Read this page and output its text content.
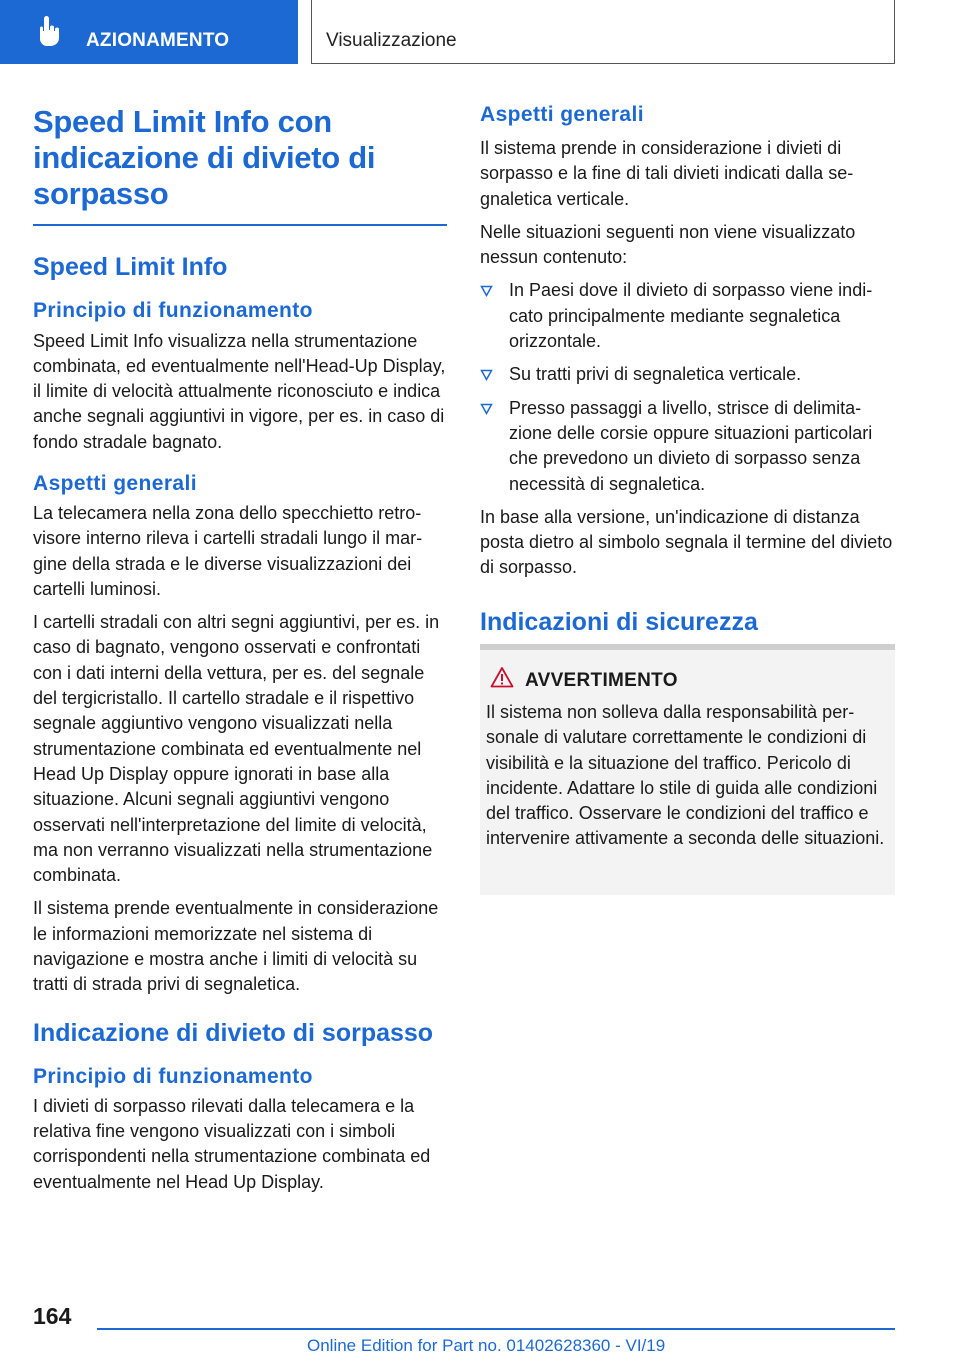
AZIONAMENTO	Visualizzazione
Speed Limit Info con indicazione di divieto di sorpasso
Speed Limit Info
Principio di funzionamento

Speed Limit Info visualizza nella strumentazione combinata, ed eventualmente nell'Head-Up Display, il limite di velocità attualmente riconosciuto e indica anche segnali aggiuntivi in vigore, per es. in caso di fondo stradale bagnato.

Aspetti generali

La telecamera nella zona dello specchietto retrovisore interno rileva i cartelli stradali lungo il margine della strada e le diverse visualizzazioni dei cartelli luminosi.

I cartelli stradali con altri segni aggiuntivi, per es. in caso di bagnato, vengono osservati e confrontati con i dati interni della vettura, per es. del segnale del tergicristallo. Il cartello stradale e il rispettivo segnale aggiuntivo vengono visualizzati nella strumentazione combinata ed eventualmente nel Head Up Display oppure ignorati in base alla situazione. Alcuni segnali aggiuntivi vengono osservati nell'interpretazione del limite di velocità, ma non verranno visualizzati nella strumentazione combinata.

Il sistema prende eventualmente in considerazione le informazioni memorizzate nel sistema di navigazione e mostra anche i limiti di velocità su tratti di strada privi di segnaletica.

Indicazione di divieto di sorpasso
Principio di funzionamento

I divieti di sorpasso rilevati dalla telecamera e la relativa fine vengono visualizzati con i simboli corrispondenti nella strumentazione combinata ed eventualmente nel Head Up Display.

Aspetti generali

Il sistema prende in considerazione i divieti di sorpasso e la fine di tali divieti indicati dalla segnaletica verticale.

Nelle situazioni seguenti non viene visualizzato nessun contenuto:

In Paesi dove il divieto di sorpasso viene indicato principalmente mediante segnaletica orizzontale.
Su tratti privi di segnaletica verticale.
Presso passaggi a livello, strisce di delimitazione delle corsie oppure situazioni particolari che prevedono un divieto di sorpasso senza necessità di segnaletica.

In base alla versione, un'indicazione di distanza posta dietro al simbolo segnala il termine del divieto di sorpasso.

Indicazioni di sicurezza
AVVERTIMENTO

Il sistema non solleva dalla responsabilità personale di valutare correttamente le condizioni di visibilità e la situazione del traffico. Pericolo di incidente. Adattare lo stile di guida alle condizioni del traffico. Osservare le condizioni del traffico e intervenire attivamente a seconda delle situazioni.

164
Online Edition for Part no. 01402628360 - VI/19
